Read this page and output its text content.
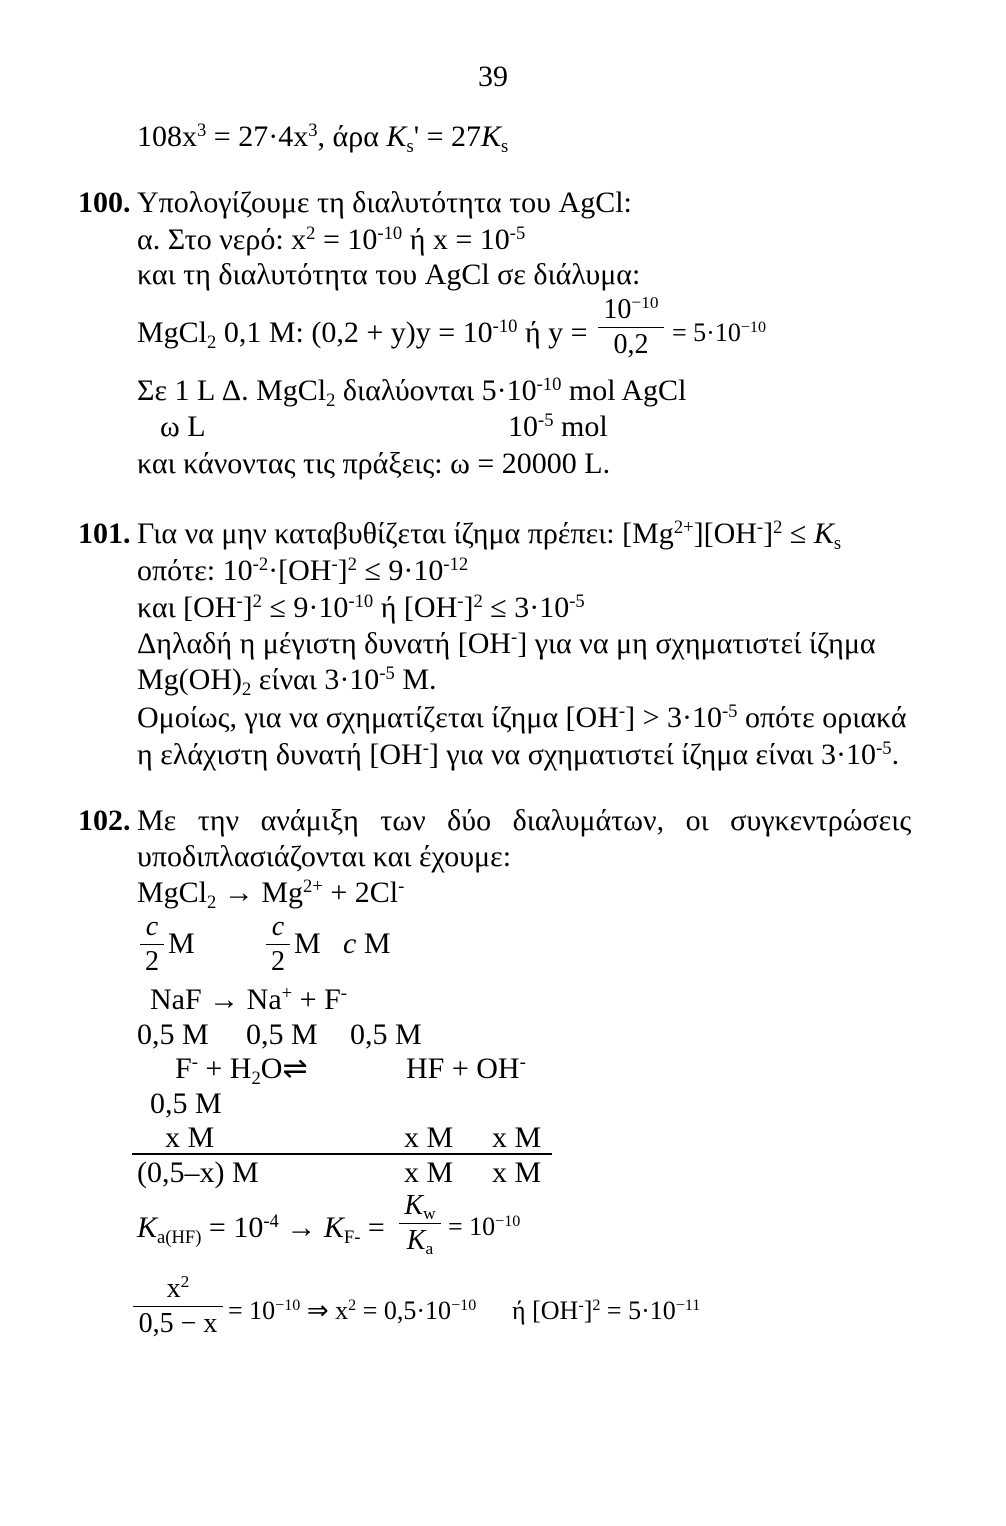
39
$108x^3 = 27\cdot 4x^3$, άρα $K_s' = 27K_s$
100. Υπολογίζουμε τη διαλυτότητα του AgCl:
α. Στο νερό: $x^2 = 10^{-10}$ ή $x = 10^{-5}$
και τη διαλυτότητα του AgCl σε διάλυμα:
MgCl$_2$ 0,1 M: $(0,2 + y)y = 10^{-10}$ ή y =
$10^{-10}$
$0,2 = 5\cdot 10^{-10}$
Σε 1 L Δ. MgCl$_2$ διαλύονται $5\cdot 10^{-10}$ mol AgCl
ω L	$10^{-5}$ mol
και κάνοντας τις πράξεις: ω = 20000 L.
101. Για να μην καταβυθίζεται ίζημα πρέπει: $[Mg^{2+}][OH^-]^2 \le K_s$
οπότε: $10^{-2}\cdot[OH^-]^2 \le 9\cdot 10^{-12}$
και $[OH^-]^2 \le 9\cdot 10^{-10}$ ή $[OH^-]^2 \le 3\cdot 10^{-5}$
Δηλαδή η μέγιστη δυνατή [OH-] για να μη σχηματιστεί ίζημα
$Mg(OH)_2$ είναι $3\cdot 10^{-5}$ M.
Ομοίως, για να σχηματίζεται ίζημα $[OH^-] > 3\cdot 10^{-5}$ οπότε οριακά
η ελάχιστη δυνατή [OH-] για να σχηματιστεί ίζημα είναι $3\cdot 10^{-5}$.
102. Με την ανάμιξη των δύο διαλυμάτων, οι συγκεντρώσεις
υποδιπλασιάζονται και έχουμε:
MgCl$_2$ → $Mg^{2+} + 2Cl^-$
c
2
M
c
2
M c M
NaF → Na+ + F-
0,5 M 0,5 M 0,5 M
$F^- + H_2O\rightleftharpoons$	HF + OH-
0,5 M
x M	x M x M
(0,5–x) M	x M x M
$K_{a(HF)} = 10^{-4} \to K_{F-}$ =
$K_w$
$K_a$
= $10^{-10}$
$x^2$
$0,5 - x = 10^{-10}$ ⇒ $x^2 = 0,5\cdot 10^{-10}$ ή $[OH^-]^2 = 5\cdot 10^{-11}$
